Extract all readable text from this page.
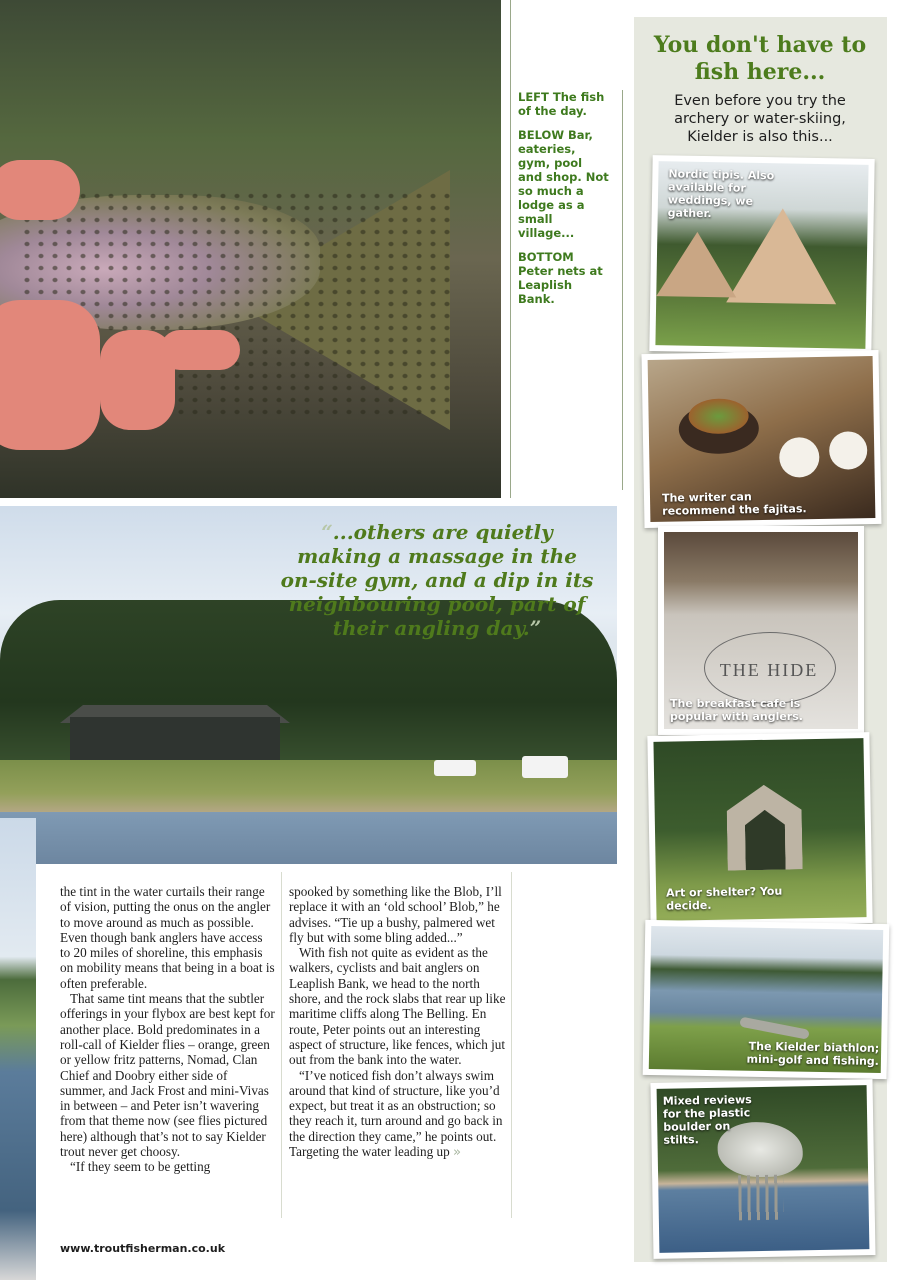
LEFT The fish of the day.

BELOW Bar, eateries, gym, pool and shop. Not so much a lodge as a small village...

BOTTOM Peter nets at Leaplish Bank.

“...others are quietly making a massage in the on-site gym, and a dip in its neighbouring pool, part of their angling day.”

the tint in the water curtails their range of vision, putting the onus on the angler to move around as much as possible. Even though bank anglers have access to 20 miles of shoreline, this emphasis on mobility means that being in a boat is often preferable.

That same tint means that the subtler offerings in your flybox are best kept for another place. Bold predominates in a roll-call of Kielder flies – orange, green or yellow fritz patterns, Nomad, Clan Chief and Doobry either side of summer, and Jack Frost and mini-Vivas in between – and Peter isn’t wavering from that theme now (see flies pictured here) although that’s not to say Kielder trout never get choosy.

“If they seem to be getting

spooked by something like the Blob, I’ll replace it with an ‘old school’ Blob,” he advises. “Tie up a bushy, palmered wet fly but with some bling added...”

With fish not quite as evident as the walkers, cyclists and bait anglers on Leaplish Bank, we head to the north shore, and the rock slabs that rear up like maritime cliffs along The Belling. En route, Peter points out an interesting aspect of structure, like fences, which jut out from the bank into the water.

“I’ve noticed fish don’t always swim around that kind of structure, like you’d expect, but treat it as an obstruction; so they reach it, turn around and go back in the direction they came,” he points out. Targeting the water leading up »

www.troutfisherman.co.uk
You don't have to fish here...
Even before you try the archery or water-skiing, Kielder is also this...
Nordic tipis. Also available for weddings, we gather.
The writer can recommend the fajitas.
THE HIDE
The breakfast cafe is popular with anglers.
Art or shelter? You decide.
The Kielder biathlon; mini-golf and fishing.
Mixed reviews for the plastic boulder on stilts.
